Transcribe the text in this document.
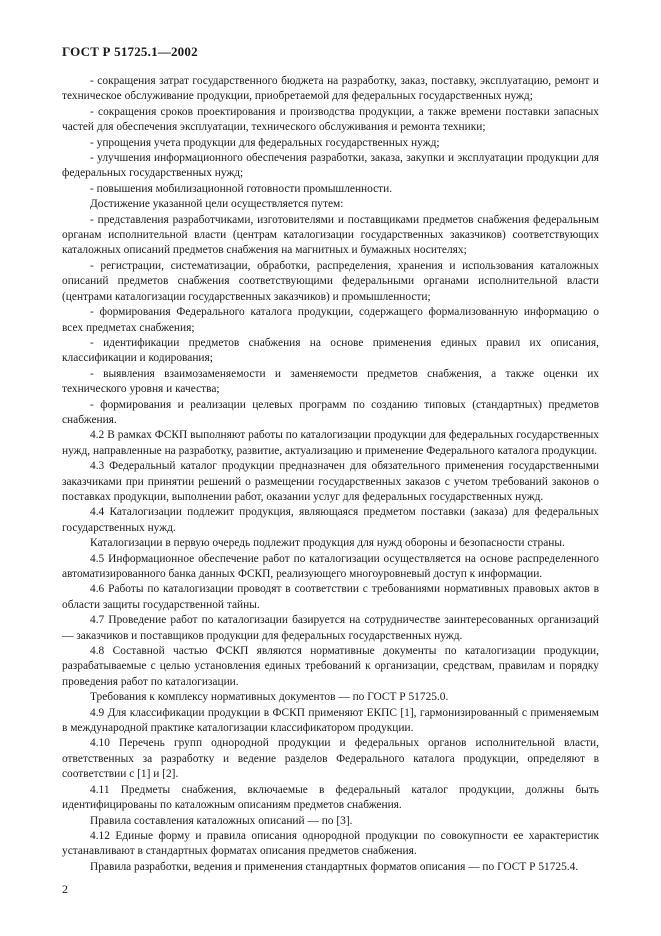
ГОСТ Р 51725.1—2002

- сокращения затрат государственного бюджета на разработку, заказ, поставку, эксплуатацию, ремонт и техническое обслуживание продукции, приобретаемой для федеральных государственных нужд;

- сокращения сроков проектирования и производства продукции, а также времени поставки запасных частей для обеспечения эксплуатации, технического обслуживания и ремонта техники;

- упрощения учета продукции для федеральных государственных нужд;

- улучшения информационного обеспечения разработки, заказа, закупки и эксплуатации продукции для федеральных государственных нужд;

- повышения мобилизационной готовности промышленности.

Достижение указанной цели осуществляется путем:

- представления разработчиками, изготовителями и поставщиками предметов снабжения федеральным органам исполнительной власти (центрам каталогизации государственных заказчиков) соответствующих каталожных описаний предметов снабжения на магнитных и бумажных носителях;

- регистрации, систематизации, обработки, распределения, хранения и использования каталожных описаний предметов снабжения соответствующими федеральными органами исполнительной власти (центрами каталогизации государственных заказчиков) и промышленности;

- формирования Федерального каталога продукции, содержащего формализованную информацию о всех предметах снабжения;

- идентификации предметов снабжения на основе применения единых правил их описания, классификации и кодирования;

- выявления взаимозаменяемости и заменяемости предметов снабжения, а также оценки их технического уровня и качества;

- формирования и реализации целевых программ по созданию типовых (стандартных) предметов снабжения.

4.2 В рамках ФСКП выполняют работы по каталогизации продукции для федеральных государственных нужд, направленные на разработку, развитие, актуализацию и применение Федерального каталога продукции.

4.3 Федеральный каталог продукции предназначен для обязательного применения государственными заказчиками при принятии решений о размещении государственных заказов с учетом требований законов о поставках продукции, выполнении работ, оказании услуг для федеральных государственных нужд.

4.4 Каталогизации подлежит продукция, являющаяся предметом поставки (заказа) для федеральных государственных нужд.

Каталогизации в первую очередь подлежит продукция для нужд обороны и безопасности страны.

4.5 Информационное обеспечение работ по каталогизации осуществляется на основе распределенного автоматизированного банка данных ФСКП, реализующего многоуровневый доступ к информации.

4.6 Работы по каталогизации проводят в соответствии с требованиями нормативных правовых актов в области защиты государственной тайны.

4.7 Проведение работ по каталогизации базируется на сотрудничестве заинтересованных организаций — заказчиков и поставщиков продукции для федеральных государственных нужд.

4.8 Составной частью ФСКП являются нормативные документы по каталогизации продукции, разрабатываемые с целью установления единых требований к организации, средствам, правилам и порядку проведения работ по каталогизации.

Требования к комплексу нормативных документов — по ГОСТ Р 51725.0.

4.9 Для классификации продукции в ФСКП применяют ЕКПС [1], гармонизированный с применяемым в международной практике каталогизации классификатором продукции.

4.10 Перечень групп однородной продукции и федеральных органов исполнительной власти, ответственных за разработку и ведение разделов Федерального каталога продукции, определяют в соответствии с [1] и [2].

4.11 Предметы снабжения, включаемые в федеральный каталог продукции, должны быть идентифицированы по каталожным описаниям предметов снабжения.

Правила составления каталожных описаний — по [3].

4.12 Единые форму и правила описания однородной продукции по совокупности ее характеристик устанавливают в стандартных форматах описания предметов снабжения.

Правила разработки, ведения и применения стандартных форматов описания — по ГОСТ Р 51725.4.

2
